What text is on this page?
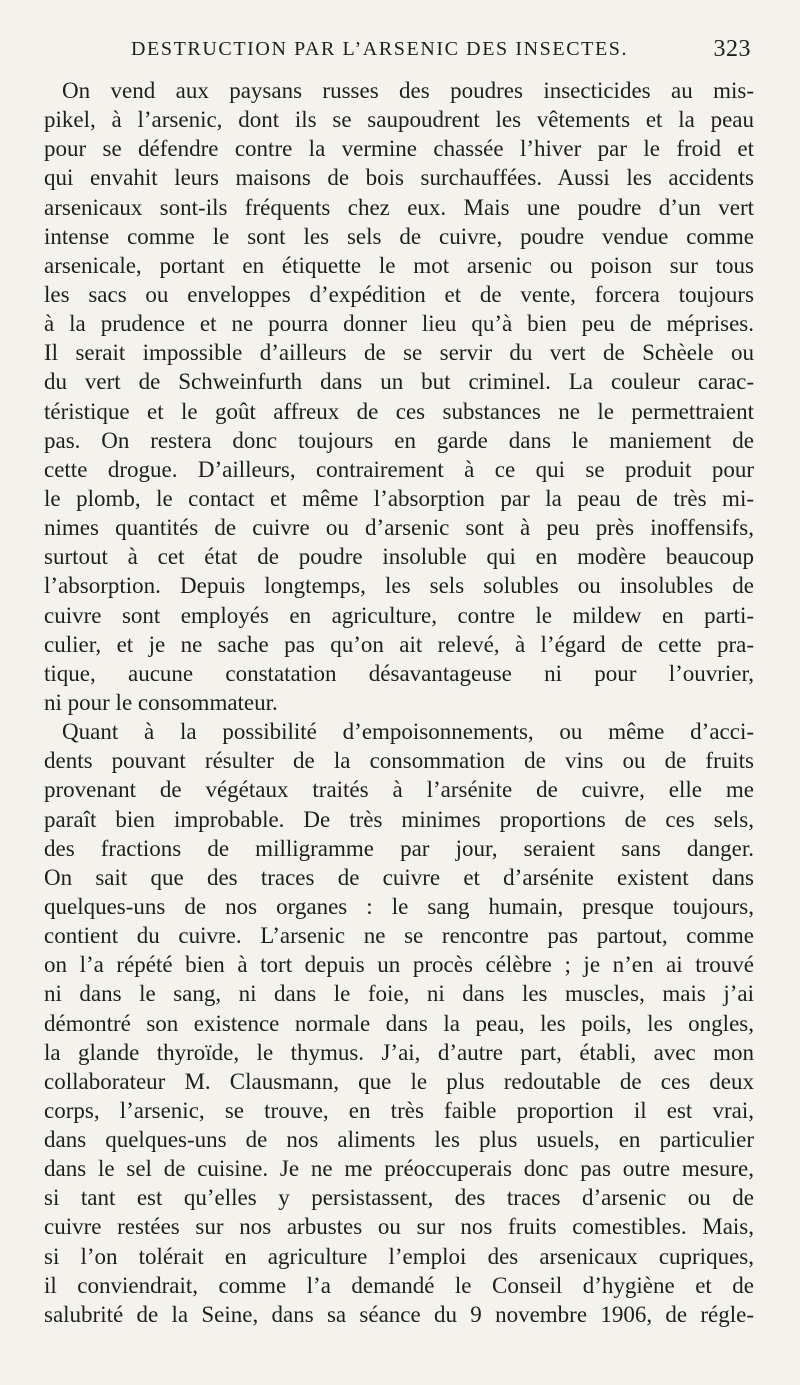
DESTRUCTION PAR L’ARSENIC DES INSECTES.	323
On vend aux paysans russes des poudres insecticides au mis-
pikel, à l’arsenic, dont ils se saupoudrent les vêtements et la peau
pour se défendre contre la vermine chassée l’hiver par le froid et
qui envahit leurs maisons de bois surchauffées. Aussi les accidents
arsenicaux sont-ils fréquents chez eux. Mais une poudre d’un vert
intense comme le sont les sels de cuivre, poudre vendue comme
arsenicale, portant en étiquette le mot arsenic ou poison sur tous
les sacs ou enveloppes d’expédition et de vente, forcera toujours
à la prudence et ne pourra donner lieu qu’à bien peu de méprises.
Il serait impossible d’ailleurs de se servir du vert de Schèele ou
du vert de Schweinfurth dans un but criminel. La couleur carac-
téristique et le goût affreux de ces substances ne le permettraient
pas. On restera donc toujours en garde dans le maniement de
cette drogue. D’ailleurs, contrairement à ce qui se produit pour
le plomb, le contact et même l’absorption par la peau de très mi-
nimes quantités de cuivre ou d’arsenic sont à peu près inoffensifs,
surtout à cet état de poudre insoluble qui en modère beaucoup
l’absorption. Depuis longtemps, les sels solubles ou insolubles de
cuivre sont employés en agriculture, contre le mildew en parti-
culier, et je ne sache pas qu’on ait relevé, à l’égard de cette pra-
tique, aucune constatation désavantageuse ni pour l’ouvrier,
ni pour le consommateur.
Quant à la possibilité d’empoisonnements, ou même d’acci-
dents pouvant résulter de la consommation de vins ou de fruits
provenant de végétaux traités à l’arsénite de cuivre, elle me
paraît bien improbable. De très minimes proportions de ces sels,
des fractions de milligramme par jour, seraient sans danger.
On sait que des traces de cuivre et d’arsénite existent dans
quelques-uns de nos organes : le sang humain, presque toujours,
contient du cuivre. L’arsenic ne se rencontre pas partout, comme
on l’a répété bien à tort depuis un procès célèbre ; je n’en ai trouvé
ni dans le sang, ni dans le foie, ni dans les muscles, mais j’ai
démontré son existence normale dans la peau, les poils, les ongles,
la glande thyroïde, le thymus. J’ai, d’autre part, établi, avec mon
collaborateur M. Clausmann, que le plus redoutable de ces deux
corps, l’arsenic, se trouve, en très faible proportion il est vrai,
dans quelques-uns de nos aliments les plus usuels, en particulier
dans le sel de cuisine. Je ne me préoccuperais donc pas outre mesure,
si tant est qu’elles y persistassent, des traces d’arsenic ou de
cuivre restées sur nos arbustes ou sur nos fruits comestibles. Mais,
si l’on tolérait en agriculture l’emploi des arsenicaux cupriques,
il conviendrait, comme l’a demandé le Conseil d’hygiène et de
salubrité de la Seine, dans sa séance du 9 novembre 1906, de régle-
